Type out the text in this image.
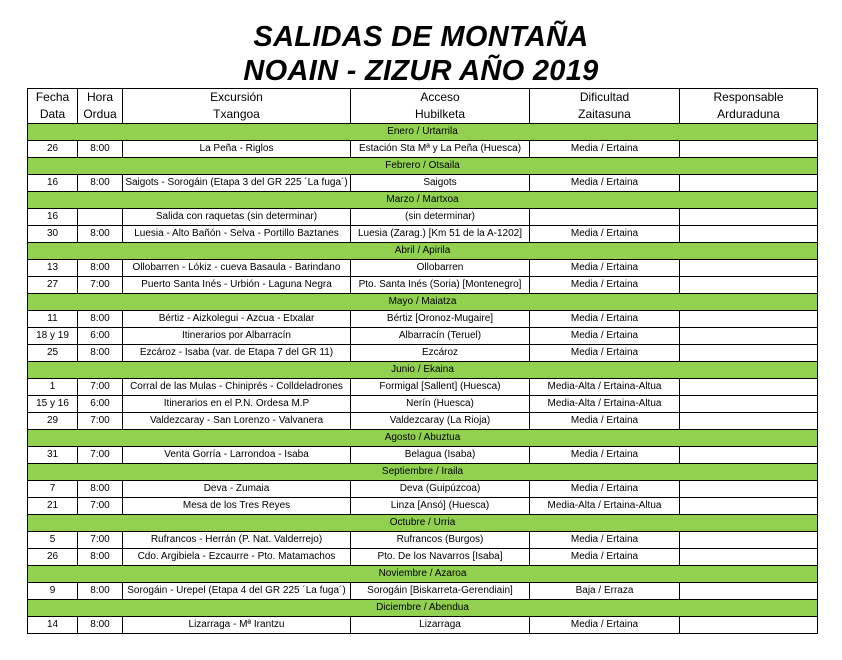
SALIDAS DE MONTAÑA
NOAIN - ZIZUR AÑO 2019
Fecha	Hora	Excursión	Acceso	Dificultad	Responsable
Data	Ordua	Txangoa	Hubilketa	Zaitasuna	Arduraduna
Enero / Urtarrila					
26	8:00	La Peña - Riglos	Estación Sta Mª y La Peña (Huesca)	Media / Ertaina	
Febrero / Otsaila					
16	8:00	Saigots - Sorogáin (Etapa 3 del GR 225 ´La fuga´)	Saigots	Media / Ertaina	
Marzo / Martxoa					
16		Salida con raquetas (sin determinar)	(sin determinar)		
30	8:00	Luesia - Alto Bañón - Selva - Portillo Baztanes	Luesia (Zarag.) [Km 51 de la A-1202]	Media / Ertaina	
Abril / Apirila					
13	8:00	Ollobarren - Lókiz - cueva Basaula - Barindano	Ollobarren	Media / Ertaina	
27	7:00	Puerto Santa Inés - Urbión - Laguna Negra	Pto. Santa Inés (Soria) [Montenegro]	Media / Ertaina	
Mayo / Maiatza					
11	8:00	Bértiz - Aizkolegui - Azcua - Etxalar	Bértiz [Oronoz-Mugaire]	Media / Ertaina	
18 y 19	6:00	Itinerarios por Albarracín	Albarracín (Teruel)	Media / Ertaina	
25	8:00	Ezcároz - Isaba (var. de Etapa 7 del GR 11)	Ezcároz	Media / Ertaina	
Junio / Ekaina					
1	7:00	Corral de las Mulas - Chiniprés - Colldeladrones	Formigal [Sallent] (Huesca)	Media-Alta / Ertaina-Altua	
15 y 16	6:00	Itinerarios en el P.N. Ordesa M.P	Nerín (Huesca)	Media-Alta / Ertaina-Altua	
29	7:00	Valdezcaray - San Lorenzo - Valvanera	Valdezcaray (La Rioja)	Media / Ertaina	
Agosto / Abuztua					
31	7:00	Venta Gorría - Larrondoa - Isaba	Belagua (Isaba)	Media / Ertaina	
Septiembre / Iraila					
7	8:00	Deva - Zumaia	Deva (Guipúzcoa)	Media / Ertaina	
21	7:00	Mesa de los Tres Reyes	Linza [Ansó] (Huesca)	Media-Alta / Ertaina-Altua	
Octubre / Urria					
5	7:00	Rufrancos - Herrán (P. Nat. Valderrejo)	Rufrancos (Burgos)	Media / Ertaina	
26	8:00	Cdo. Argibiela - Ezcaurre - Pto. Matamachos	Pto. De los Navarros [Isaba]	Media / Ertaina	
Noviembre / Azaroa					
9	8:00	Sorogáin - Urepel (Etapa 4 del GR 225 ´La fuga´)	Sorogáin [Biskarreta-Gerendiain]	Baja / Erraza	
Diciembre / Abendua					
14	8:00	Lizarraga - Mª Irantzu	Lizarraga	Media / Ertaina	
